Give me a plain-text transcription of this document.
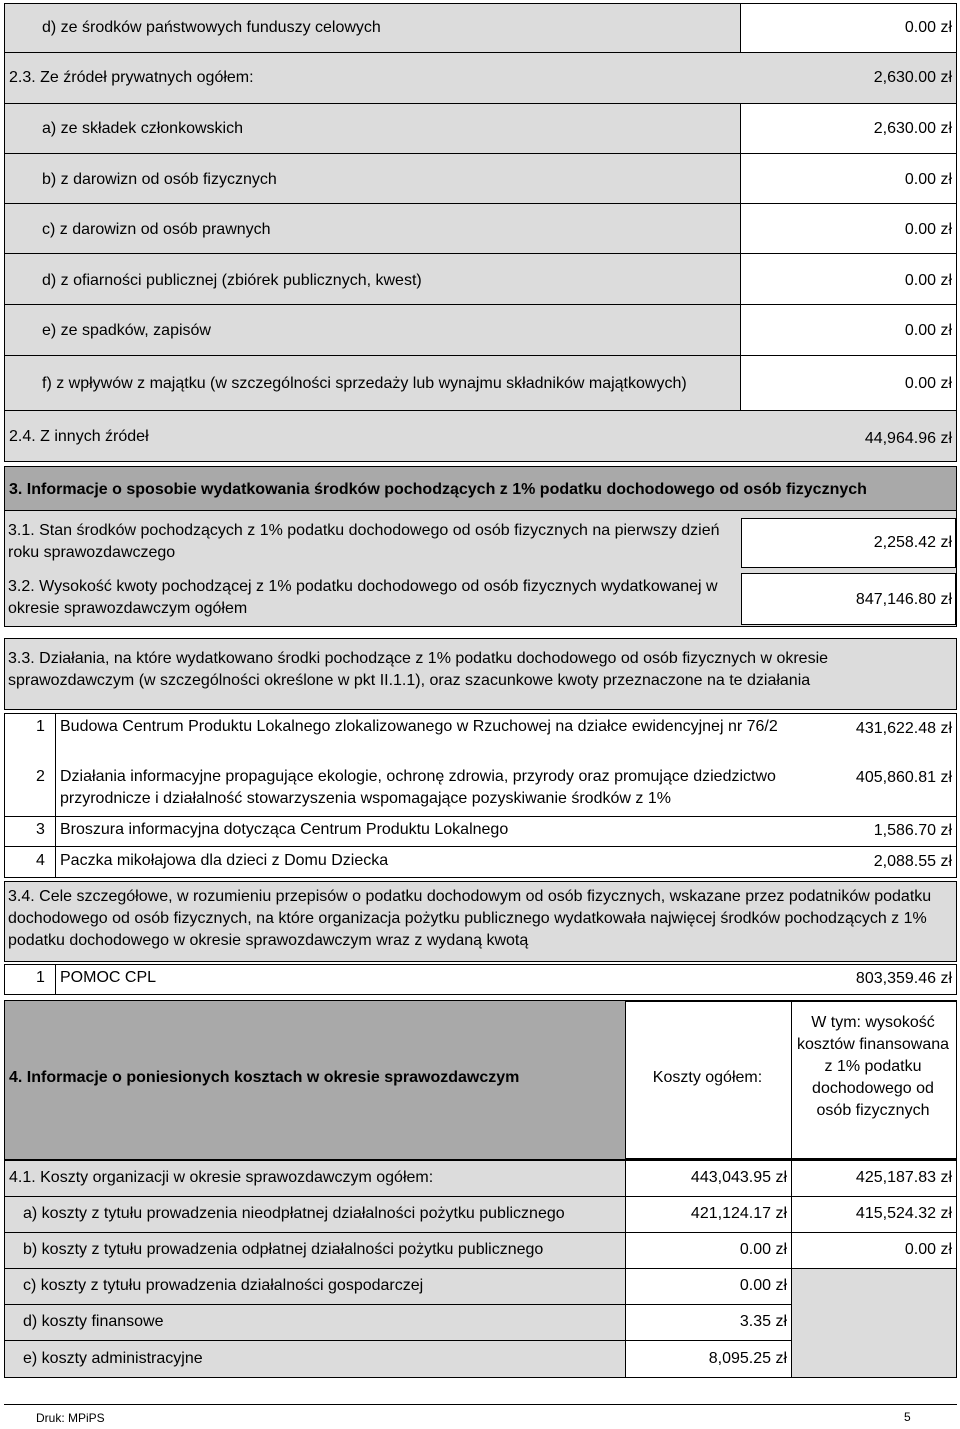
d) ze środków państwowych funduszy celowych	0.00 zł
2.3. Ze źródeł prywatnych ogółem:	2,630.00 zł
a) ze składek członkowskich	2,630.00 zł
b) z darowizn od osób fizycznych	0.00 zł
c) z darowizn od osób prawnych	0.00 zł
d) z ofiarności publicznej (zbiórek publicznych, kwest)	0.00 zł
e) ze spadków, zapisów	0.00 zł
f) z wpływów z majątku (w szczególności sprzedaży lub wynajmu składników majątkowych)	0.00 zł
2.4. Z innych źródeł	44,964.96 zł
3. Informacje o sposobie wydatkowania środków pochodzących z 1% podatku dochodowego od osób fizycznych
3.1. Stan środków pochodzących z 1% podatku dochodowego od osób fizycznych na pierwszy dzień roku sprawozdawczego
2,258.42 zł
3.2. Wysokość kwoty pochodzącej z 1% podatku dochodowego od osób fizycznych wydatkowanej w okresie sprawozdawczym ogółem
847,146.80 zł
3.3. Działania, na które wydatkowano środki pochodzące z 1% podatku dochodowego od osób fizycznych w okresie sprawozdawczym (w szczególności określone w pkt II.1.1), oraz szacunkowe kwoty przeznaczone na te działania
1 Budowa Centrum Produktu Lokalnego zlokalizowanego w Rzuchowej na działce ewidencyjnej nr 76/2	431,622.48 zł
2 Działania informacyjne propagujące ekologie, ochronę zdrowia, przyrody oraz promujące dziedzictwo przyrodnicze i działalność stowarzyszenia wspomagające pozyskiwanie środków z 1%
405,860.81 zł
3 Broszura informacyjna dotycząca Centrum Produktu Lokalnego	1,586.70 zł
4 Paczka mikołajowa dla dzieci z Domu Dziecka	2,088.55 zł
3.4. Cele szczegółowe, w rozumieniu przepisów o podatku dochodowym od osób fizycznych, wskazane przez podatników podatku dochodowego od osób fizycznych, na które organizacja pożytku publicznego wydatkowała najwięcej środków pochodzących z 1% podatku dochodowego w okresie sprawozdawczym wraz z wydaną kwotą
1 POMOC CPL	803,359.46 zł
4. Informacje o poniesionych kosztach w okresie sprawozdawczym	Koszty ogółem:
W tym: wysokość kosztów finansowana z 1% podatku dochodowego od osób fizycznych
4.1. Koszty organizacji w okresie sprawozdawczym ogółem:	443,043.95 zł	425,187.83 zł
a) koszty z tytułu prowadzenia nieodpłatnej działalności pożytku publicznego	421,124.17 zł	415,524.32 zł
b) koszty z tytułu prowadzenia odpłatnej działalności pożytku publicznego	0.00 zł	0.00 zł
c) koszty z tytułu prowadzenia działalności gospodarczej	0.00 zł
d) koszty finansowe	3.35 zł
e) koszty administracyjne	8,095.25 zł
Druk: MPiPS	5
